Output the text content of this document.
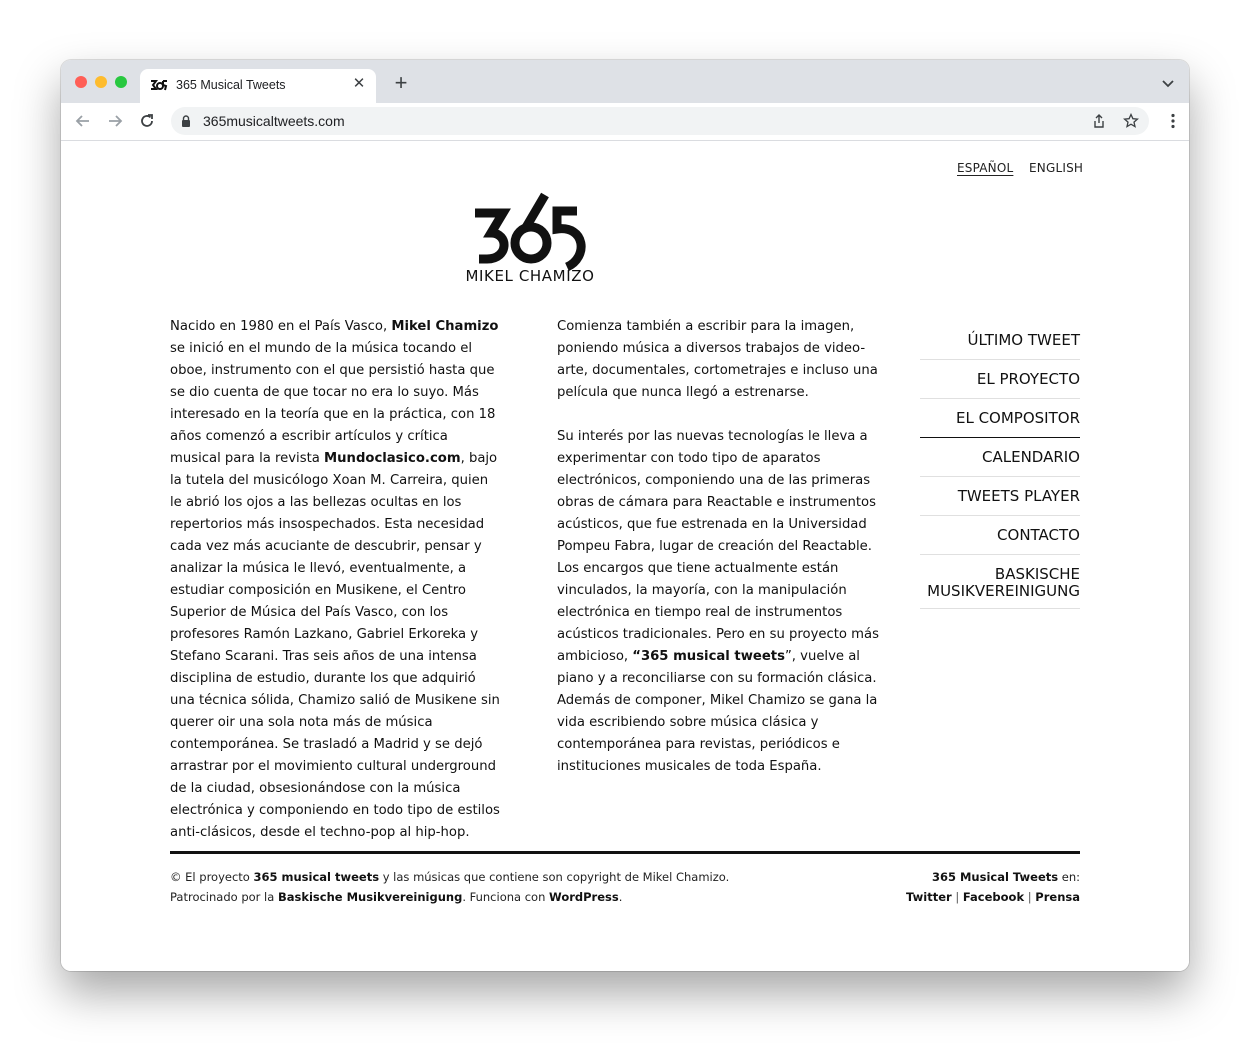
365 Musical Tweets	✕ +
365musicaltweets.com
ESPAÑOL ENGLISH
MIKEL CHAMIZO

Nacido en 1980 en el País Vasco, Mikel Chamizo se inició en el mundo de la música tocando el oboe, instrumento con el que persistió hasta que se dio cuenta de que tocar no era lo suyo. Más interesado en la teoría que en la práctica, con 18 años comenzó a escribir artículos y crítica musical para la revista Mundoclasico.com, bajo la tutela del musicólogo Xoan M. Carreira, quien le abrió los ojos a las bellezas ocultas en los repertorios más insospechados. Esta necesidad cada vez más acuciante de descubrir, pensar y analizar la música le llevó, eventualmente, a estudiar composición en Musikene, el Centro Superior de Música del País Vasco, con los profesores Ramón Lazkano, Gabriel Erkoreka y Stefano Scarani. Tras seis años de una intensa disciplina de estudio, durante los que adquirió una técnica sólida, Chamizo salió de Musikene sin querer oir una sola nota más de música contemporánea. Se trasladó a Madrid y se dejó arrastrar por el movimiento cultural underground de la ciudad, obsesionándose con la música electrónica y componiendo en todo tipo de estilos anti-clásicos, desde el techno-pop al hip-hop.

Comienza también a escribir para la imagen, poniendo música a diversos trabajos de video-arte, documentales, cortometrajes e incluso una película que nunca llegó a estrenarse.

Su interés por las nuevas tecnologías le lleva a experimentar con todo tipo de aparatos electrónicos, componiendo una de las primeras obras de cámara para Reactable e instrumentos acústicos, que fue estrenada en la Universidad Pompeu Fabra, lugar de creación del Reactable. Los encargos que tiene actualmente están vinculados, la mayoría, con la manipulación electrónica en tiempo real de instrumentos acústicos tradicionales. Pero en su proyecto más ambicioso, “365 musical tweets”, vuelve al piano y a reconciliarse con su formación clásica. Además de componer, Mikel Chamizo se gana la vida escribiendo sobre música clásica y contemporánea para revistas, periódicos e instituciones musicales de toda España.

ÚLTIMO TWEET
EL PROYECTO
EL COMPOSITOR
CALENDARIO
TWEETS PLAYER
CONTACTO
BASKISCHE
MUSIKVEREINIGUNG
© El proyecto 365 musical tweets y las músicas que contiene son copyright de Mikel Chamizo.
Patrocinado por la Baskische Musikvereinigung. Funciona con WordPress.
365 Musical Tweets en:
Twitter | Facebook | Prensa
